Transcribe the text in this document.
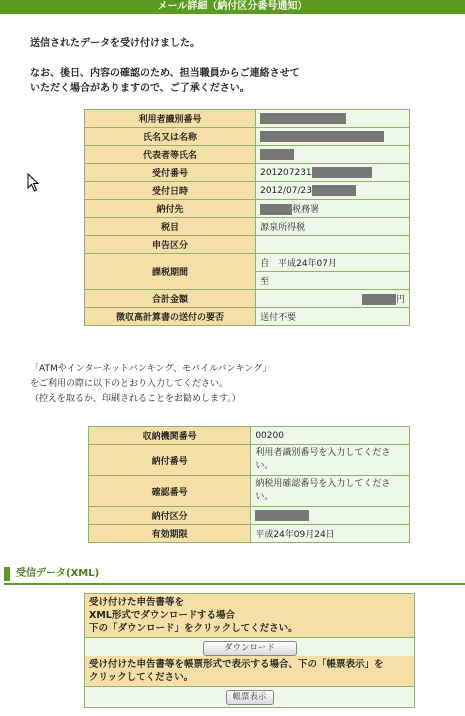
メール詳細（納付区分番号通知）
送信されたデータを受け付けました。
なお、後日、内容の確認のため、担当職員からご連絡させて
いただく場合がありますので、ご了承ください。
利用者識別番号	
氏名又は名称	
代表者等氏名	
受付番号	201207231
受付日時	2012/07/23
納付先	税務署
税目	源泉所得税
申告区分	
課税期間	自　平成24年07月
	至
合計金額	円
徴収高計算書の送付の要否	送付不要
「ATMやインターネットバンキング、モバイルバンキング」
をご利用の際に以下のとおり入力してください。
（控えを取るか、印刷されることをお勧めします。）
収納機関番号	00200
納付番号	利用者識別番号を入力してください。
確認番号	納税用確認番号を入力してください。
納付区分	
有効期限	平成24年09月24日
受信データ(XML)
受け付けた申告書等を
XML形式でダウンロードする場合
下の「ダウンロード」をクリックしてください。
ダウンロード
受け付けた申告書等を帳票形式で表示する場合、下の「帳票表示」を
クリックしてください。
帳票表示
